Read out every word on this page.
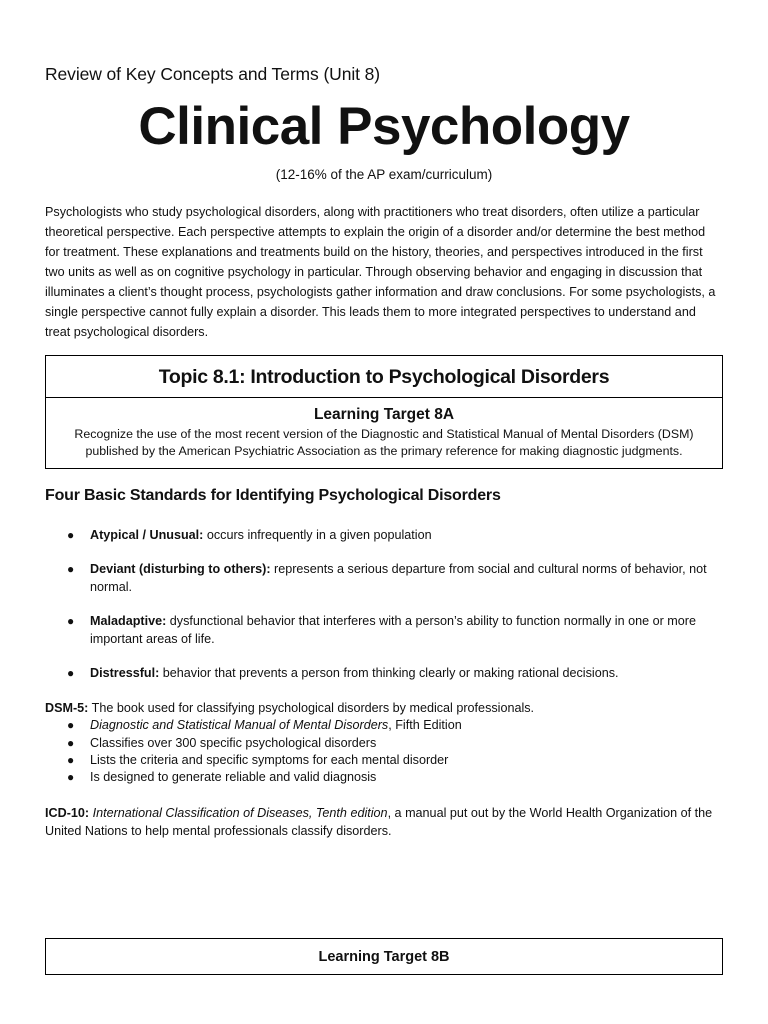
Review of Key Concepts and Terms (Unit 8)
Clinical Psychology
(12-16% of the AP exam/curriculum)

Psychologists who study psychological disorders, along with practitioners who treat disorders, often utilize a particular theoretical perspective. Each perspective attempts to explain the origin of a disorder and/or determine the best method for treatment. These explanations and treatments build on the history, theories, and perspectives introduced in the first two units as well as on cognitive psychology in particular. Through observing behavior and engaging in discussion that illuminates a client’s thought process, psychologists gather information and draw conclusions. For some psychologists, a single perspective cannot fully explain a disorder. This leads them to more integrated perspectives to understand and treat psychological disorders.

Topic 8.1: Introduction to Psychological Disorders
Learning Target 8A
Recognize the use of the most recent version of the Diagnostic and Statistical Manual of Mental Disorders (DSM) published by the American Psychiatric Association as the primary reference for making diagnostic judgments.
Four Basic Standards for Identifying Psychological Disorders
● Atypical / Unusual: occurs infrequently in a given population
● Deviant (disturbing to others): represents a serious departure from social and cultural norms of behavior, not normal.
● Maladaptive: dysfunctional behavior that interferes with a person’s ability to function normally in one or more important areas of life.
● Distressful: behavior that prevents a person from thinking clearly or making rational decisions.
DSM-5: The book used for classifying psychological disorders by medical professionals.
● Diagnostic and Statistical Manual of Mental Disorders, Fifth Edition
● Classifies over 300 specific psychological disorders
● Lists the criteria and specific symptoms for each mental disorder
● Is designed to generate reliable and valid diagnosis
ICD-10: International Classification of Diseases, Tenth edition, a manual put out by the World Health Organization of the United Nations to help mental professionals classify disorders.
Learning Target 8B
